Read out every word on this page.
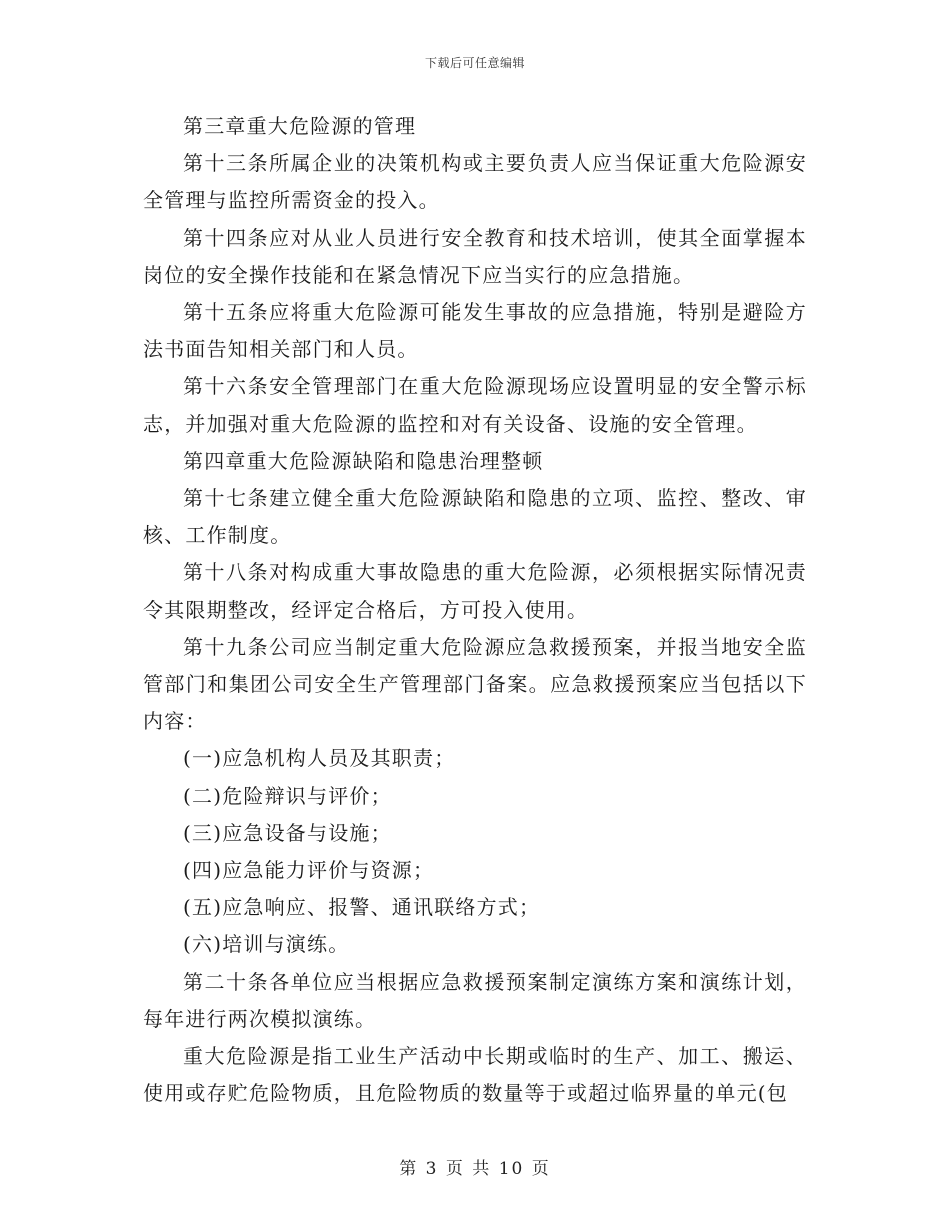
下载后可任意编辑

第三章重大危险源的管理

第十三条所属企业的决策机构或主要负责人应当保证重大危险源安全管理与监控所需资金的投入。

第十四条应对从业人员进行安全教育和技术培训，使其全面掌握本岗位的安全操作技能和在紧急情况下应当实行的应急措施。

第十五条应将重大危险源可能发生事故的应急措施，特别是避险方法书面告知相关部门和人员。

第十六条安全管理部门在重大危险源现场应设置明显的安全警示标志，并加强对重大危险源的监控和对有关设备、设施的安全管理。

第四章重大危险源缺陷和隐患治理整顿

第十七条建立健全重大危险源缺陷和隐患的立项、监控、整改、审核、工作制度。

第十八条对构成重大事故隐患的重大危险源，必须根据实际情况责令其限期整改，经评定合格后，方可投入使用。

第十九条公司应当制定重大危险源应急救援预案，并报当地安全监管部门和集团公司安全生产管理部门备案。应急救援预案应当包括以下内容：

(一)应急机构人员及其职责；

(二)危险辩识与评价；

(三)应急设备与设施；

(四)应急能力评价与资源；

(五)应急响应、报警、通讯联络方式；

(六)培训与演练。

第二十条各单位应当根据应急救援预案制定演练方案和演练计划，每年进行两次模拟演练。

重大危险源是指工业生产活动中长期或临时的生产、加工、搬运、使用或存贮危险物质，且危险物质的数量等于或超过临界量的单元(包

第 3 页 共 10 页
